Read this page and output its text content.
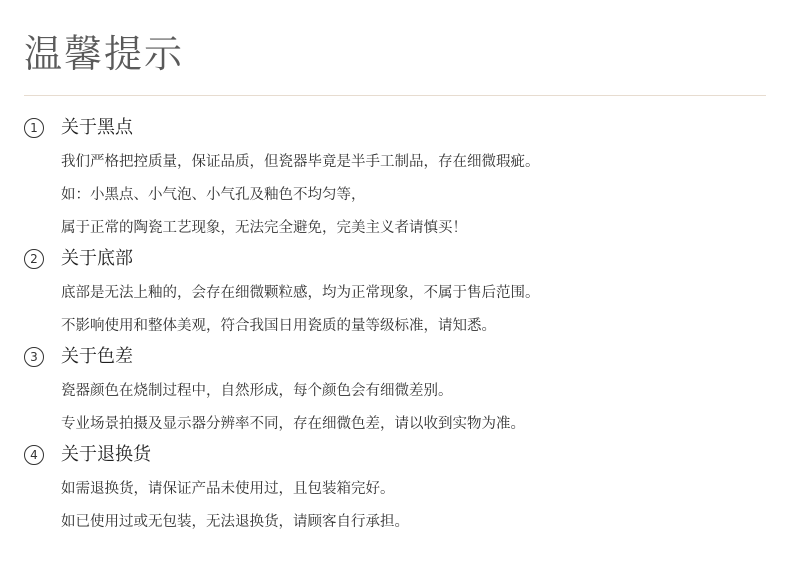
温馨提示
1	关于黑点
我们严格把控质量，保证品质，但瓷器毕竟是半手工制品，存在细微瑕疵。
如：小黑点、小气泡、小气孔及釉色不均匀等，
属于正常的陶瓷工艺现象，无法完全避免，完美主义者请慎买！
2	关于底部
底部是无法上釉的，会存在细微颗粒感，均为正常现象，不属于售后范围。
不影响使用和整体美观，符合我国日用瓷质的量等级标准，请知悉。
3	关于色差
瓷器颜色在烧制过程中，自然形成，每个颜色会有细微差别。
专业场景拍摄及显示器分辨率不同，存在细微色差，请以收到实物为准。
4	关于退换货
如需退换货，请保证产品未使用过，且包装箱完好。
如已使用过或无包装，无法退换货，请顾客自行承担。
